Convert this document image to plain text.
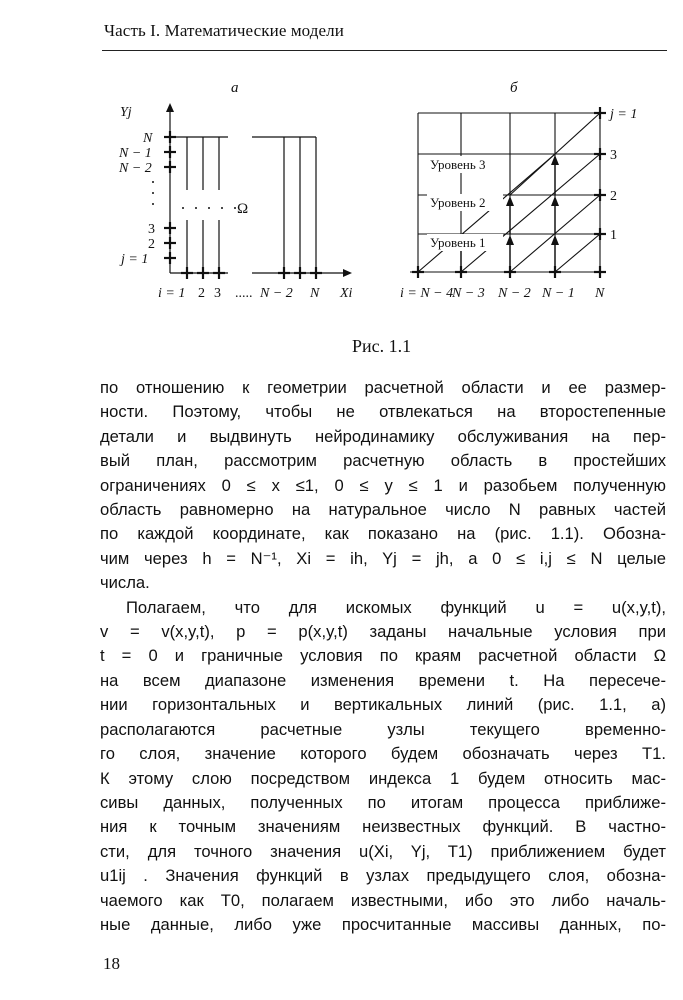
Часть I. Математические модели
а
Yj
N
N − 1
N − 2
3
2
j = 1
i = 1 2 3 ..... N − 2 N Xi
Ω
б
j = 1
3
2
1
Уровень 3
Уровень 2
Уровень 1
i = N − 4
N − 3 N − 2 N − 1 N
Рис. 1.1

по отношению к геометрии расчетной области и ее размер-
ности. Поэтому, чтобы не отвлекаться на второстепенные
детали и выдвинуть нейродинамику обслуживания на пер-
вый план, рассмотрим расчетную область в простейших
ограничениях 0 ≤ x ≤1, 0 ≤ y ≤ 1 и разобьем полученную
область равномерно на натуральное число N равных частей
по каждой координате, как показано на (рис. 1.1). Обозна-
чим через h = N⁻¹, Xi = ih, Yj = jh, а 0 ≤ i,j ≤ N целые
числа.

Полагаем, что для искомых функций u = u(x,y,t),
v = v(x,y,t), p = p(x,y,t) заданы начальные условия при
t = 0 и граничные условия по краям расчетной области Ω
на всем диапазоне изменения времени t. На пересече-
нии горизонтальных и вертикальных линий (рис. 1.1, а)
располагаются расчетные узлы текущего временно-
го слоя, значение которого будем обозначать через T1.
К этому слою посредством индекса 1 будем относить мас-
сивы данных, полученных по итогам процесса приближе-
ния к точным значениям неизвестных функций. В частно-
сти, для точного значения u(Xi, Yj, T1) приближением будет
u1ij . Значения функций в узлах предыдущего слоя, обозна-
чаемого как T0, полагаем известными, ибо это либо началь-
ные данные, либо уже просчитанные массивы данных, по-

18
